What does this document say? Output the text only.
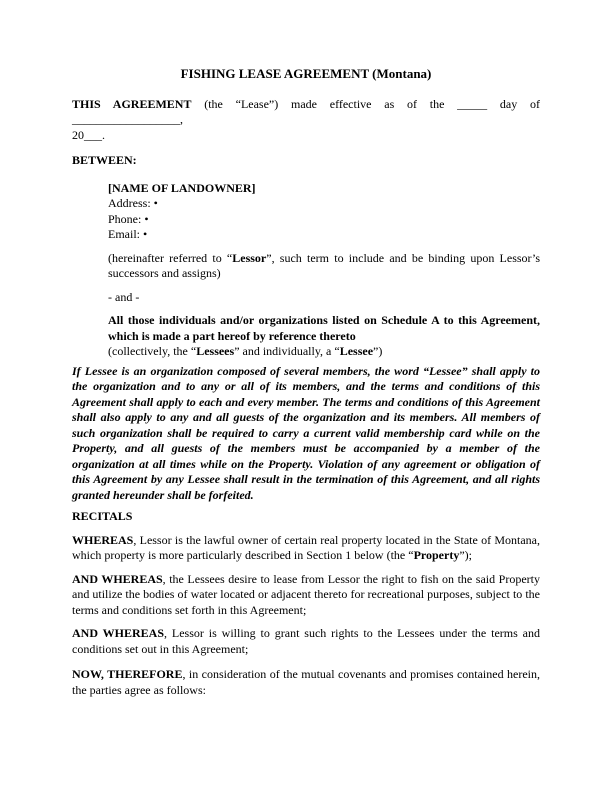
FISHING LEASE AGREEMENT (Montana)
THIS AGREEMENT (the “Lease”) made effective as of the _____ day of __________________,
20___.
BETWEEN:
[NAME OF LANDOWNER]
Address: •
Phone: •
Email: •
(hereinafter referred to “Lessor”, such term to include and be binding upon Lessor’s successors and assigns)
- and -
All those individuals and/or organizations listed on Schedule A to this Agreement, which is made a part hereof by reference thereto
(collectively, the “Lessees” and individually, a “Lessee”)
If Lessee is an organization composed of several members, the word “Lessee” shall apply to the organization and to any or all of its members, and the terms and conditions of this Agreement shall apply to each and every member. The terms and conditions of this Agreement shall also apply to any and all guests of the organization and its members. All members of such organization shall be required to carry a current valid membership card while on the Property, and all guests of the members must be accompanied by a member of the organization at all times while on the Property. Violation of any agreement or obligation of this Agreement by any Lessee shall result in the termination of this Agreement, and all rights granted hereunder shall be forfeited.
RECITALS
WHEREAS, Lessor is the lawful owner of certain real property located in the State of Montana, which property is more particularly described in Section 1 below (the “Property”);
AND WHEREAS, the Lessees desire to lease from Lessor the right to fish on the said Property and utilize the bodies of water located or adjacent thereto for recreational purposes, subject to the terms and conditions set forth in this Agreement;
AND WHEREAS, Lessor is willing to grant such rights to the Lessees under the terms and conditions set out in this Agreement;
NOW, THEREFORE, in consideration of the mutual covenants and promises contained herein, the parties agree as follows:
